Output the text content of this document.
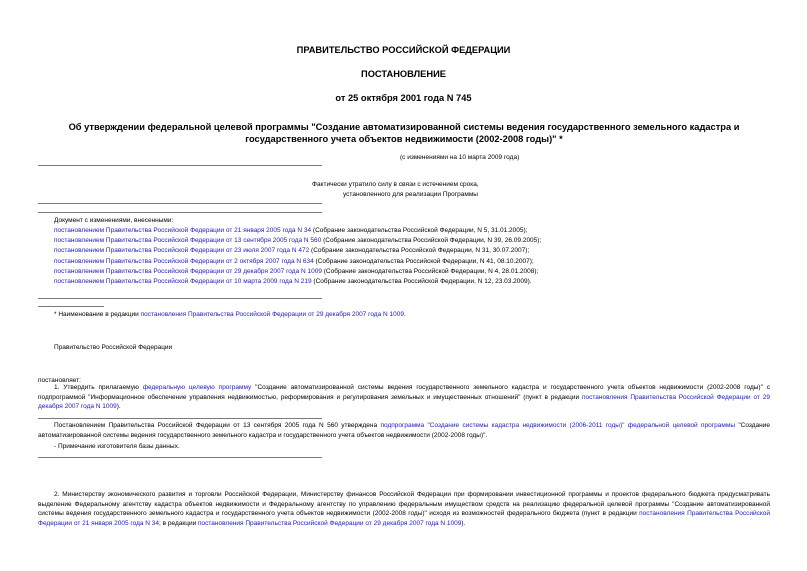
ПРАВИТЕЛЬСТВО РОССИЙСКОЙ ФЕДЕРАЦИИ
ПОСТАНОВЛЕНИЕ
от 25 октября 2001 года N 745
Об утверждении федеральной целевой программы "Создание автоматизированной системы ведения государственного земельного кадастра и государственного учета объектов недвижимости (2002-2008 годы)" *
(с изменениями на 10 марта 2009 года)
Фактически утратило силу в связи с истечением срока,
установленного для реализации Программы
Документ с изменениями, внесенными:
постановлением Правительства Российской Федерации от 21 января 2005 года N 34 (Собрание законодательства Российской Федерации, N 5, 31.01.2005);
постановлением Правительства Российской Федерации от 13 сентября 2005 года N 560 (Собрание законодательства Российской Федерации, N 39, 26.09.2005);
постановлением Правительства Российской Федерации от 23 июля 2007 года N 472 (Собрание законодательства Российской Федерации, N 31, 30.07.2007);
постановлением Правительства Российской Федерации от 2 октября 2007 года N 634 (Собрание законодательства Российской Федерации, N 41, 08.10.2007);
постановлением Правительства Российской Федерации от 29 декабря 2007 года N 1009 (Собрание законодательства Российской Федерации, N 4, 28.01.2008);
постановлением Правительства Российской Федерации от 10 марта 2009 года N 219 (Собрание законодательства Российской Федерации, N 12, 23.03.2009).
* Наименование в редакции постановления Правительства Российской Федерации от 29 декабря 2007 года N 1009.
Правительство Российской Федерации
постановляет:
1. Утвердить прилагаемую федеральную целевую программу "Создание автоматизированной системы ведения государственного земельного кадастра и государственного учета объектов недвижимости (2002-2008 годы)" с подпрограммой "Информационное обеспечение управления недвижимостью, реформирования и регулирования земельных и имущественных отношений" (пункт в редакции постановления Правительства Российской Федерации от 29 декабря 2007 года N 1009).
Постановлением Правительства Российской Федерации от 13 сентября 2005 года N 560 утверждена подпрограмма "Создание системы кадастра недвижимости (2006-2011 годы)" федеральной целевой программы "Создание автоматизированной системы ведения государственного земельного кадастра и государственного учета объектов недвижимости (2002-2008 годы)".
- Примечание изготовителя базы данных.
2. Министерству экономического развития и торговли Российской Федерации, Министерству финансов Российской Федерации при формировании инвестиционной программы и проектов федерального бюджета предусматривать выделение Федеральному агентству кадастра объектов недвижимости и Федеральному агентству по управлению федеральным имуществом средств на реализацию федеральной целевой программы "Создание автоматизированной системы ведения государственного земельного кадастра и государственного учета объектов недвижимости (2002-2008 годы)" исходя из возможностей федерального бюджета (пункт в редакции постановления Правительства Российской Федерации от 21 января 2005 года N 34; в редакции постановления Правительства Российской Федерации от 29 декабря 2007 года N 1009).
